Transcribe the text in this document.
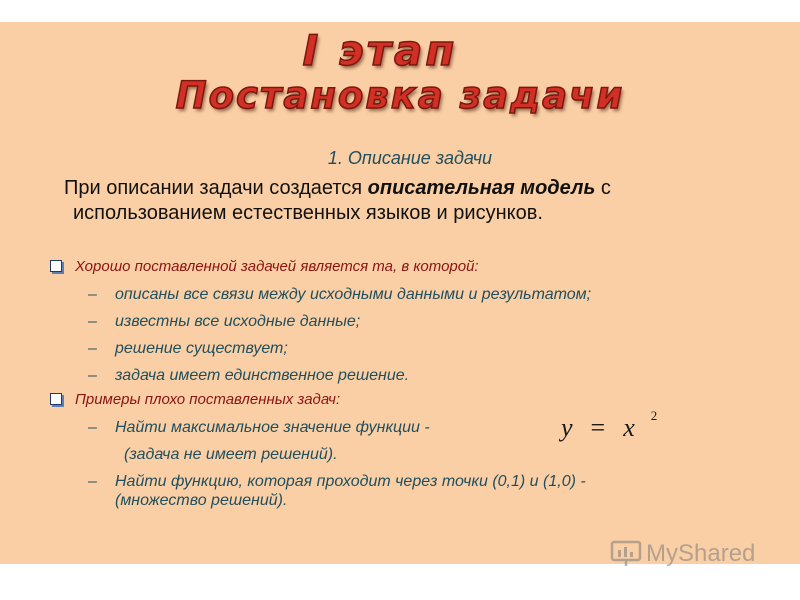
I этап
Постановка задачи
1. Описание задачи
При описании задачи создается описательная модель с
использованием естественных языков и рисунков.
Хорошо поставленной задачей является та, в которой:
–	описаны все связи между исходными данными и результатом;
–	известны все исходные данные;
–	решение существует;
–	задача имеет единственное решение.
Примеры плохо поставленных задач:
–	Найти максимальное значение функции -
(задача не имеет решений).
–	Найти функцию, которая проходит через точки (0,1) и (1,0) -
(множество решений).
y = x $^2$
MyShared
